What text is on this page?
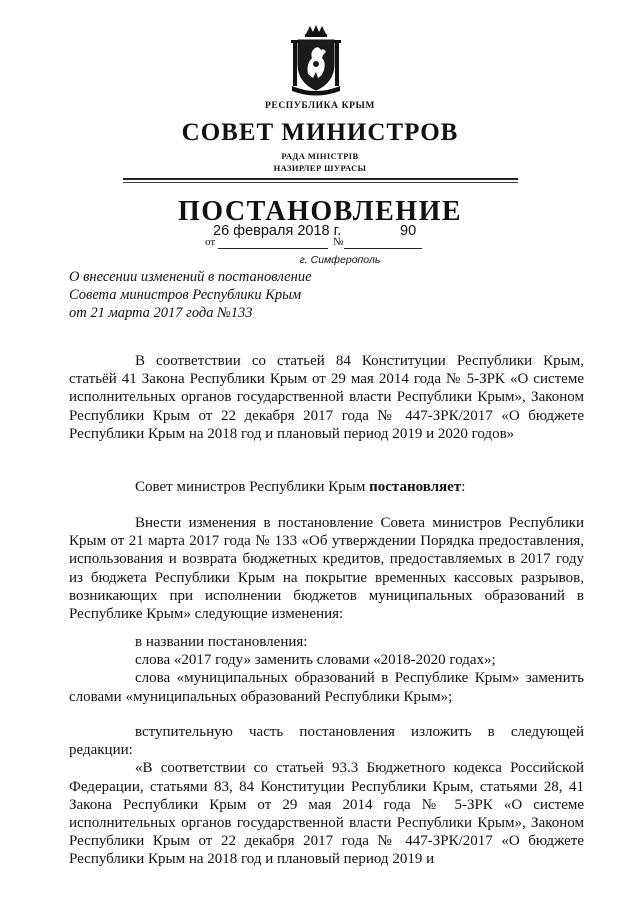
РЕСПУБЛИКА КРЫМ
СОВЕТ МИНИСТРОВ
РАДА МІНІСТРІВ
НАЗИРЛЕР ШУРАСЫ
ПОСТАНОВЛЕНИЕ
от
26 февраля 2018 г.
№
90
г. Симферополь
О внесении изменений в постановление
Совета министров Республики Крым
от 21 марта 2017 года №133

В соответствии со статьей 84 Конституции Республики Крым, статьёй 41 Закона Республики Крым от 29 мая 2014 года № 5-ЗРК «О системе исполнительных органов государственной власти Республики Крым», Законом Республики Крым от 22 декабря 2017 года № 447-ЗРК/2017 «О бюджете Республики Крым на 2018 год и плановый период 2019 и 2020 годов»

Совет министров Республики Крым постановляет:

Внести изменения в постановление Совета министров Республики Крым от 21 марта 2017 года № 133 «Об утверждении Порядка предоставления, использования и возврата бюджетных кредитов, предоставляемых в 2017 году из бюджета Республики Крым на покрытие временных кассовых разрывов, возникающих при исполнении бюджетов муниципальных образований в Республике Крым» следующие изменения:

в названии постановления:

слова «2017 году» заменить словами «2018-2020 годах»;

слова «муниципальных образований в Республике Крым» заменить словами «муниципальных образований Республики Крым»;

вступительную часть постановления изложить в следующей редакции:

«В соответствии со статьей 93.3 Бюджетного кодекса Российской Федерации, статьями 83, 84 Конституции Республики Крым, статьями 28, 41 Закона Республики Крым от 29 мая 2014 года № 5-ЗРК «О системе исполнительных органов государственной власти Республики Крым», Законом Республики Крым от 22 декабря 2017 года № 447-ЗРК/2017 «О бюджете Республики Крым на 2018 год и плановый период 2019 и
